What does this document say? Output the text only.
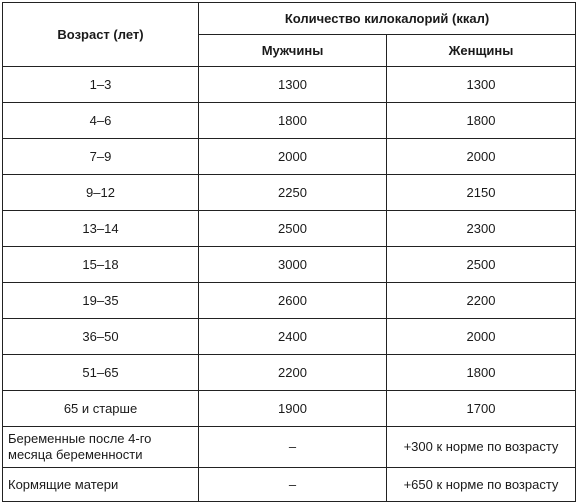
Возраст (лет)	Количество килокалорий (ккал)	
	Мужчины	Женщины
1–3	1300	1300
4–6	1800	1800
7–9	2000	2000
9–12	2250	2150
13–14	2500	2300
15–18	3000	2500
19–35	2600	2200
36–50	2400	2000
51–65	2200	1800
65 и старше	1900	1700
Беременные после 4-го месяца беременности	–	+300 к норме по возрасту
Кормящие матери	–	+650 к норме по возрасту
